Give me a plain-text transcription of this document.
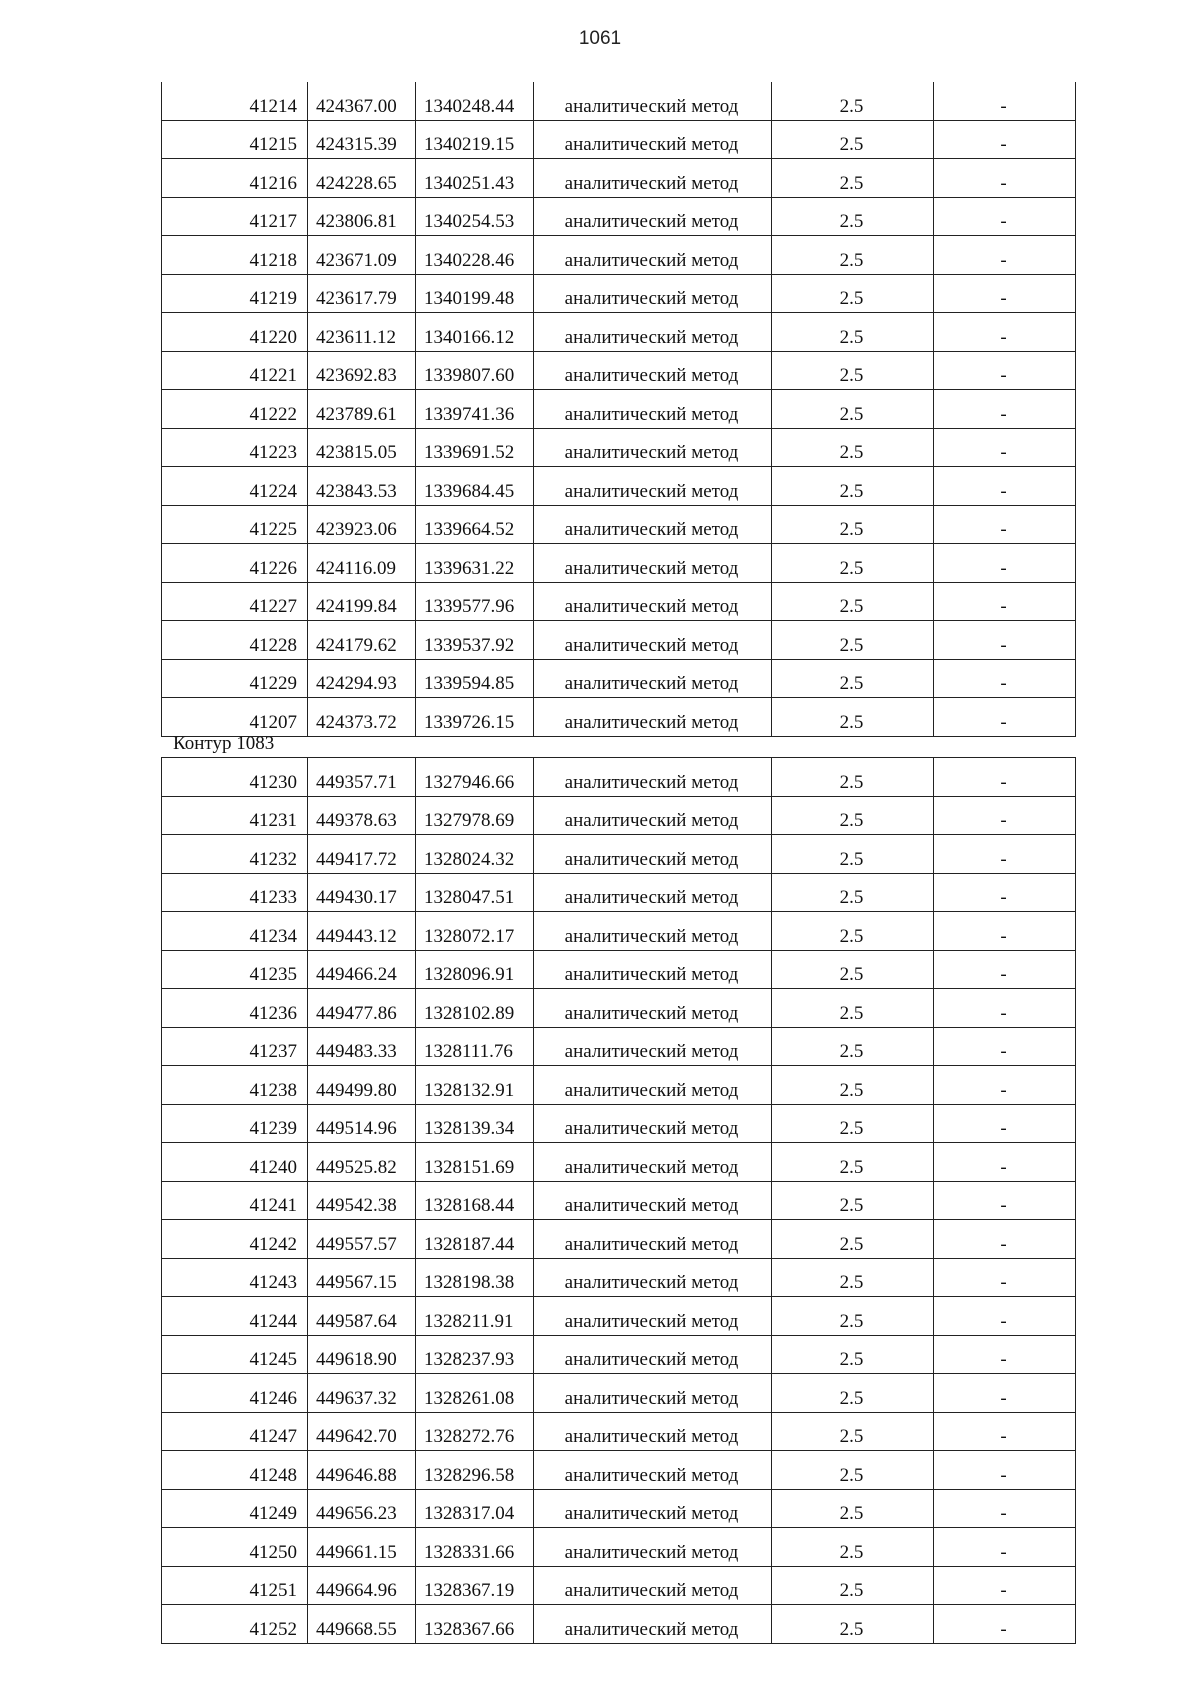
1061
41214	424367.00	1340248.44	аналитический метод	2.5	-
41215	424315.39	1340219.15	аналитический метод	2.5	-
41216	424228.65	1340251.43	аналитический метод	2.5	-
41217	423806.81	1340254.53	аналитический метод	2.5	-
41218	423671.09	1340228.46	аналитический метод	2.5	-
41219	423617.79	1340199.48	аналитический метод	2.5	-
41220	423611.12	1340166.12	аналитический метод	2.5	-
41221	423692.83	1339807.60	аналитический метод	2.5	-
41222	423789.61	1339741.36	аналитический метод	2.5	-
41223	423815.05	1339691.52	аналитический метод	2.5	-
41224	423843.53	1339684.45	аналитический метод	2.5	-
41225	423923.06	1339664.52	аналитический метод	2.5	-
41226	424116.09	1339631.22	аналитический метод	2.5	-
41227	424199.84	1339577.96	аналитический метод	2.5	-
41228	424179.62	1339537.92	аналитический метод	2.5	-
41229	424294.93	1339594.85	аналитический метод	2.5	-
41207	424373.72	1339726.15	аналитический метод	2.5	-
Контур 1083
41230	449357.71	1327946.66	аналитический метод	2.5	-
41231	449378.63	1327978.69	аналитический метод	2.5	-
41232	449417.72	1328024.32	аналитический метод	2.5	-
41233	449430.17	1328047.51	аналитический метод	2.5	-
41234	449443.12	1328072.17	аналитический метод	2.5	-
41235	449466.24	1328096.91	аналитический метод	2.5	-
41236	449477.86	1328102.89	аналитический метод	2.5	-
41237	449483.33	1328111.76	аналитический метод	2.5	-
41238	449499.80	1328132.91	аналитический метод	2.5	-
41239	449514.96	1328139.34	аналитический метод	2.5	-
41240	449525.82	1328151.69	аналитический метод	2.5	-
41241	449542.38	1328168.44	аналитический метод	2.5	-
41242	449557.57	1328187.44	аналитический метод	2.5	-
41243	449567.15	1328198.38	аналитический метод	2.5	-
41244	449587.64	1328211.91	аналитический метод	2.5	-
41245	449618.90	1328237.93	аналитический метод	2.5	-
41246	449637.32	1328261.08	аналитический метод	2.5	-
41247	449642.70	1328272.76	аналитический метод	2.5	-
41248	449646.88	1328296.58	аналитический метод	2.5	-
41249	449656.23	1328317.04	аналитический метод	2.5	-
41250	449661.15	1328331.66	аналитический метод	2.5	-
41251	449664.96	1328367.19	аналитический метод	2.5	-
41252	449668.55	1328367.66	аналитический метод	2.5	-
